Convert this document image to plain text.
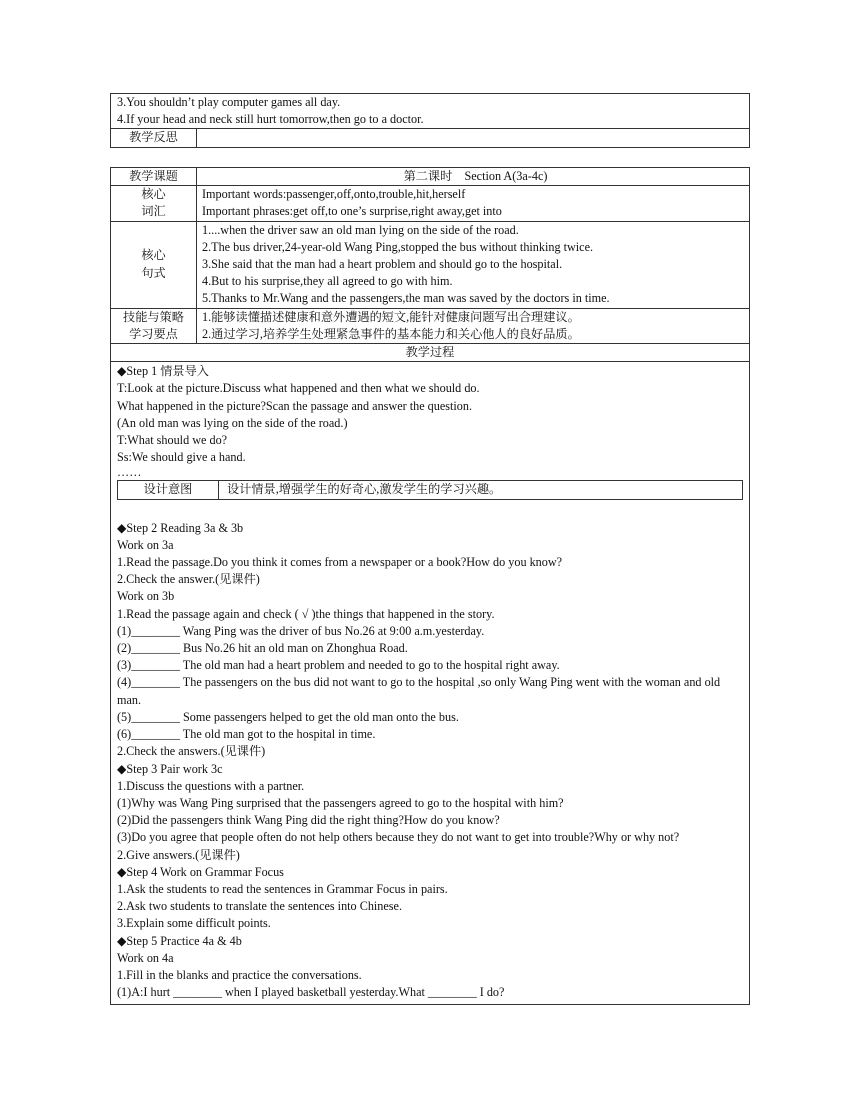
3.You shouldn’t play computer games all day.
4.If your head and neck still hurt tomorrow,then go to a doctor.
教学反思
教学课题	第二课时    Section A(3a-4c)
核心
词汇
Important words:passenger,off,onto,trouble,hit,herself
Important phrases:get off,to one’s surprise,right away,get into
核心
句式
1....when the driver saw an old man lying on the side of the road.
2.The bus driver,24-year-old Wang Ping,stopped the bus without thinking twice.
3.She said that the man had a heart problem and should go to the hospital.
4.But to his surprise,they all agreed to go with him.
5.Thanks to Mr.Wang and the passengers,the man was saved by the doctors in time.
技能与策略
学习要点
1.能够读懂描述健康和意外遭遇的短文,能针对健康问题写出合理建议。
2.通过学习,培养学生处理紧急事件的基本能力和关心他人的良好品质。
教学过程
◆Step 1 情景导入
T:Look at the picture.Discuss what happened and then what we should do.
What happened in the picture?Scan the passage and answer the question.
(An old man was lying on the side of the road.)
T:What should we do?
Ss:We should give a hand.
……
设计意图	设计情景,增强学生的好奇心,激发学生的学习兴趣。
◆Step 2 Reading 3a & 3b
Work on 3a
1.Read the passage.Do you think it comes from a newspaper or a book?How do you know?
2.Check the answer.(见课件)
Work on 3b
1.Read the passage again and check ( √ )the things that happened in the story.
(1)________ Wang Ping was the driver of bus No.26 at 9:00 a.m.yesterday.
(2)________ Bus No.26 hit an old man on Zhonghua Road.
(3)________ The old man had a heart problem and needed to go to the hospital right away.
(4)________ The passengers on the bus did not want to go to the hospital ,so only Wang Ping went with the woman and old man.
(5)________ Some passengers helped to get the old man onto the bus.
(6)________ The old man got to the hospital in time.
2.Check the answers.(见课件)
◆Step 3 Pair work 3c
1.Discuss the questions with a partner.
(1)Why was Wang Ping surprised that the passengers agreed to go to the hospital with him?
(2)Did the passengers think Wang Ping did the right thing?How do you know?
(3)Do you agree that people often do not help others because they do not want to get into trouble?Why or why not?
2.Give answers.(见课件)
◆Step 4 Work on Grammar Focus
1.Ask the students to read the sentences in Grammar Focus in pairs.
2.Ask two students to translate the sentences into Chinese.
3.Explain some difficult points.
◆Step 5 Practice 4a & 4b
Work on 4a
1.Fill in the blanks and practice the conversations.
(1)A:I hurt ________ when I played basketball yesterday.What ________ I do?
